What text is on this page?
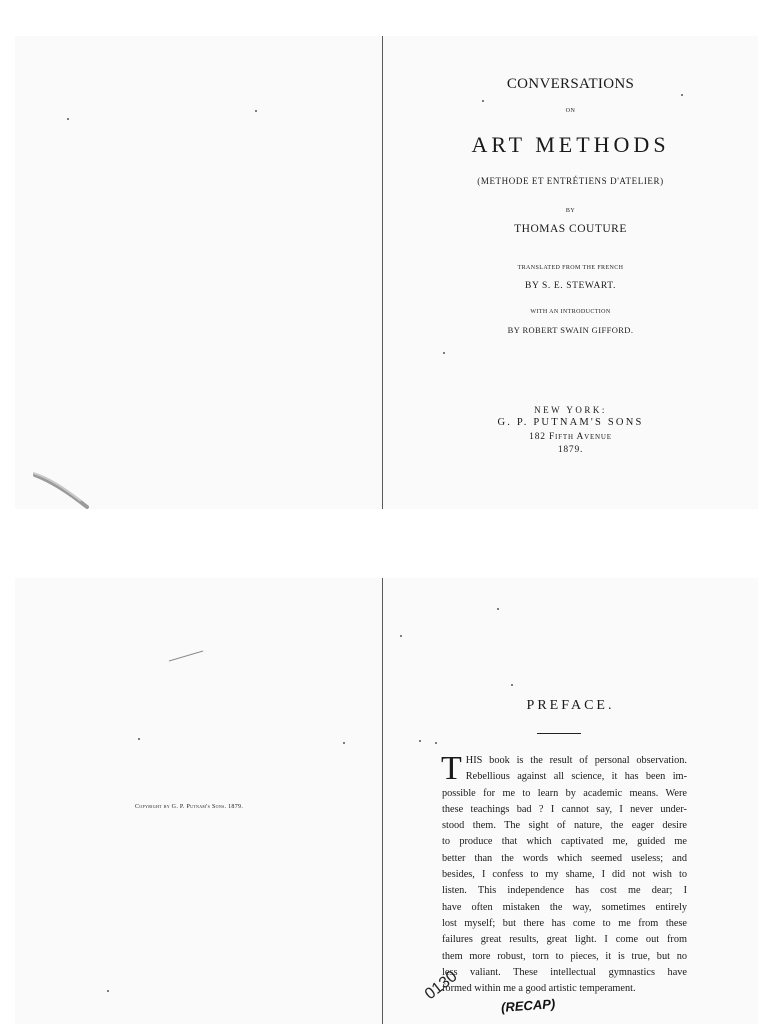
CONVERSATIONS
ON
ART METHODS
(METHODE ET ENTRÉTIENS D'ATELIER)
BY
THOMAS COUTURE
TRANSLATED FROM THE FRENCH
BY S. E. STEWART.
WITH AN INTRODUCTION
BY ROBERT SWAIN GIFFORD.
NEW YORK:
G. P. PUTNAM'S SONS
182 Fifth Avenue
1879.
Copyright by G. P. Putnam's Sons. 1879.
PREFACE.
T HIS book is the result of personal observation.
Rebellious against all science, it has been im-
possible for me to learn by academic means. Were
these teachings bad ? I cannot say, I never under-
stood them. The sight of nature, the eager desire
to produce that which captivated me, guided me
better than the words which seemed useless; and
besides, I confess to my shame, I did not wish to
listen. This independence has cost me dear; I
have often mistaken the way, sometimes entirely
lost myself; but there has come to me from these
failures great results, great light. I come out from
them more robust, torn to pieces, it is true, but no
less valiant. These intellectual gymnastics have
formed within me a good artistic temperament.
0130
(RECAP)
